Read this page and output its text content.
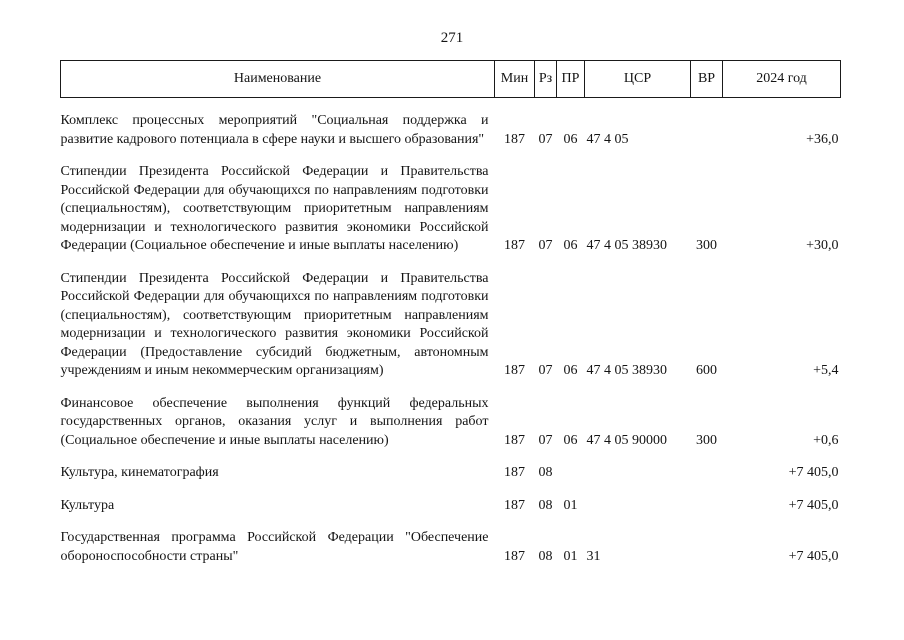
271
Наименование	Мин	Рз	ПР	ЦСР	ВР	2024 год

Комплекс процессных мероприятий "Социальная поддержка и развитие кадрового потенциала в сфере науки и высшего образования"	187	07	06	47 4 05		+36,0

Стипендии Президента Российской Федерации и Правительства Российской Федерации для обучающихся по направлениям подготовки (специальностям), соответствующим приоритетным направлениям модернизации и технологического развития экономики Российской Федерации (Социальное обеспечение и иные выплаты населению)	187	07	06	47 4 05 38930	300	+30,0

Стипендии Президента Российской Федерации и Правительства Российской Федерации для обучающихся по направлениям подготовки (специальностям), соответствующим приоритетным направлениям модернизации и технологического развития экономики Российской Федерации (Предоставление субсидий бюджетным, автономным учреждениям и иным некоммерческим организациям)	187	07	06	47 4 05 38930	600	+5,4

Финансовое обеспечение выполнения функций федеральных государственных органов, оказания услуг и выполнения работ (Социальное обеспечение и иные выплаты населению)	187	07	06	47 4 05 90000	300	+0,6

Культура, кинематография	187	08				+7 405,0

Культура	187	08	01			+7 405,0

Государственная программа Российской Федерации "Обеспечение обороноспособности страны"	187	08	01	31		+7 405,0
